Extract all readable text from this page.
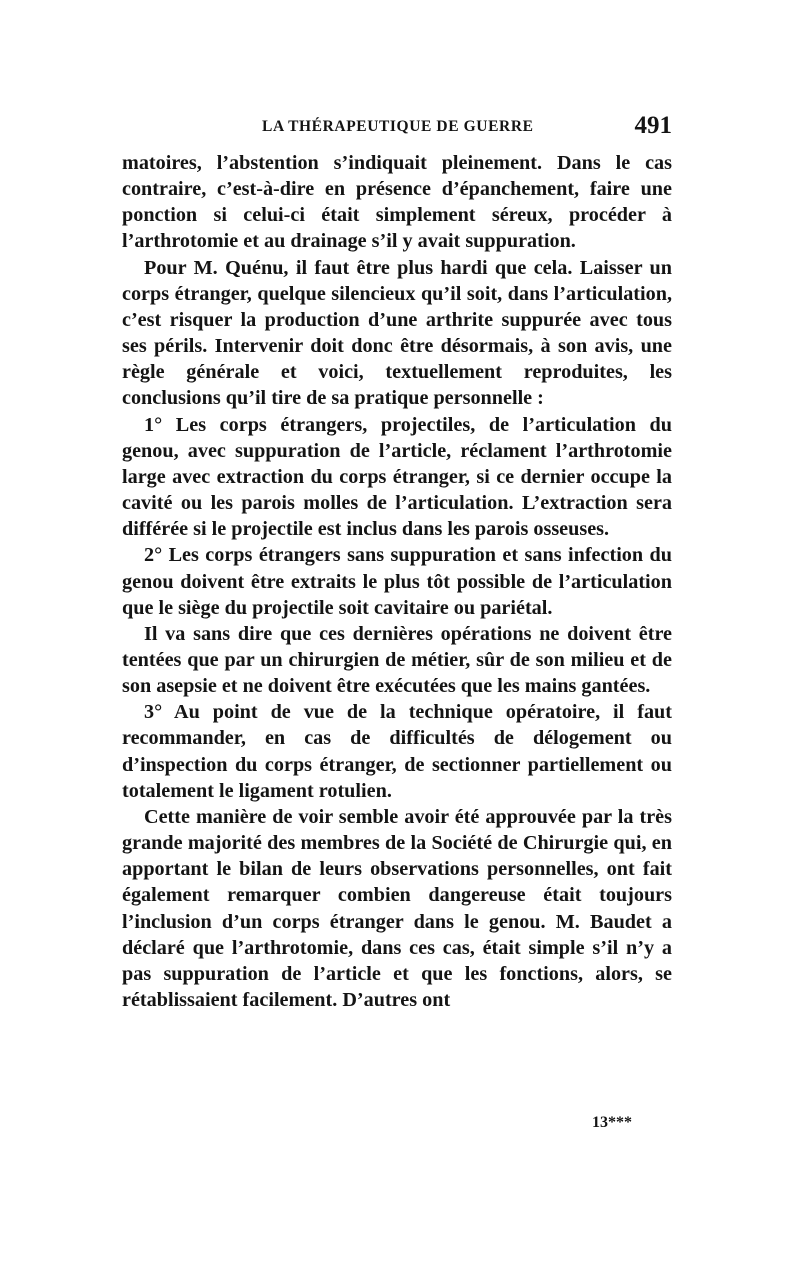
LA THÉRAPEUTIQUE DE GUERRE	491

matoires, l’abstention s’indiquait pleinement. Dans le cas contraire, c’est-à-dire en présence d’épanchement, faire une ponction si celui-ci était simplement séreux, procéder à l’arthrotomie et au drainage s’il y avait suppuration.

Pour M. Quénu, il faut être plus hardi que cela. Laisser un corps étranger, quelque silencieux qu’il soit, dans l’articulation, c’est risquer la production d’une arthrite suppurée avec tous ses périls. Intervenir doit donc être désormais, à son avis, une règle générale et voici, textuellement reproduites, les conclusions qu’il tire de sa pratique personnelle :

1° Les corps étrangers, projectiles, de l’articulation du genou, avec suppuration de l’article, réclament l’arthrotomie large avec extraction du corps étranger, si ce dernier occupe la cavité ou les parois molles de l’articulation. L’extraction sera différée si le projectile est inclus dans les parois osseuses.

2° Les corps étrangers sans suppuration et sans infection du genou doivent être extraits le plus tôt possible de l’articulation que le siège du projectile soit cavitaire ou pariétal.

Il va sans dire que ces dernières opérations ne doivent être tentées que par un chirurgien de métier, sûr de son milieu et de son asepsie et ne doivent être exécutées que les mains gantées.

3° Au point de vue de la technique opératoire, il faut recommander, en cas de difficultés de délogement ou d’inspection du corps étranger, de sectionner partiellement ou totalement le ligament rotulien.

Cette manière de voir semble avoir été approuvée par la très grande majorité des membres de la Société de Chirurgie qui, en apportant le bilan de leurs observations personnelles, ont fait également remarquer combien dangereuse était toujours l’inclusion d’un corps étranger dans le genou. M. Baudet a déclaré que l’arthrotomie, dans ces cas, était simple s’il n’y a pas suppuration de l’article et que les fonctions, alors, se rétablissaient facilement. D’autres ont

13***
